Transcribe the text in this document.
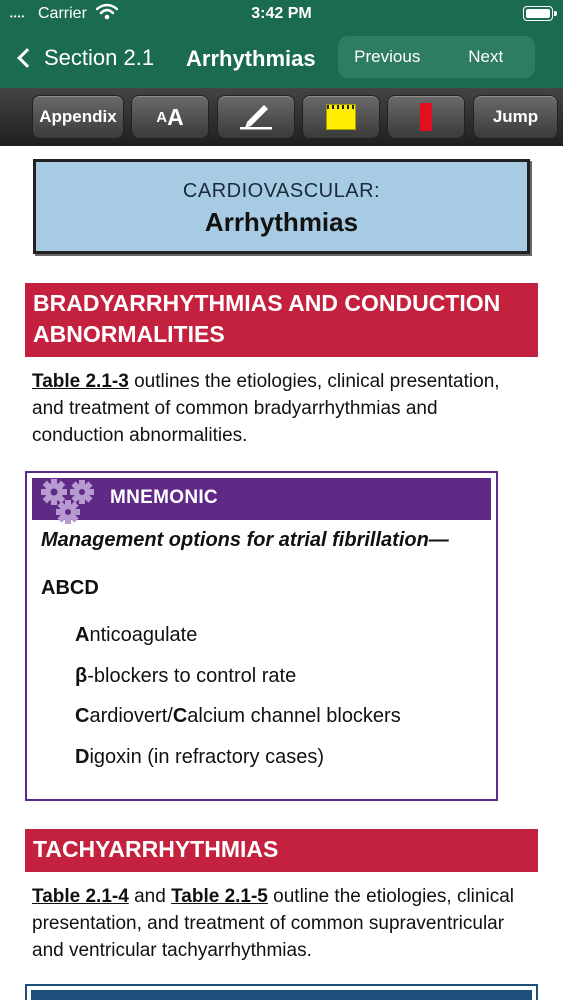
•••• Carrier	3:42 PM
Section 2.1 Arrhythmias	Previous	Next
Appendix	A A	Jump
CARDIOVASCULAR:
Arrhythmias
BRADYARRHYTHMIAS AND CONDUCTION ABNORMALITIES
Table 2.1-3 outlines the etiologies, clinical presentation, and treatment of common bradyarrhythmias and conduction abnormalities.
MNEMONIC
Management options for atrial fibrillation—
ABCD
Anticoagulate
β-blockers to control rate
Cardiovert/Calcium channel blockers
Digoxin (in refractory cases)
TACHYARRHYTHMIAS
Table 2.1-4 and Table 2.1-5 outline the etiologies, clinical presentation, and treatment of common supraventricular and ventricular tachyarrhythmias.
